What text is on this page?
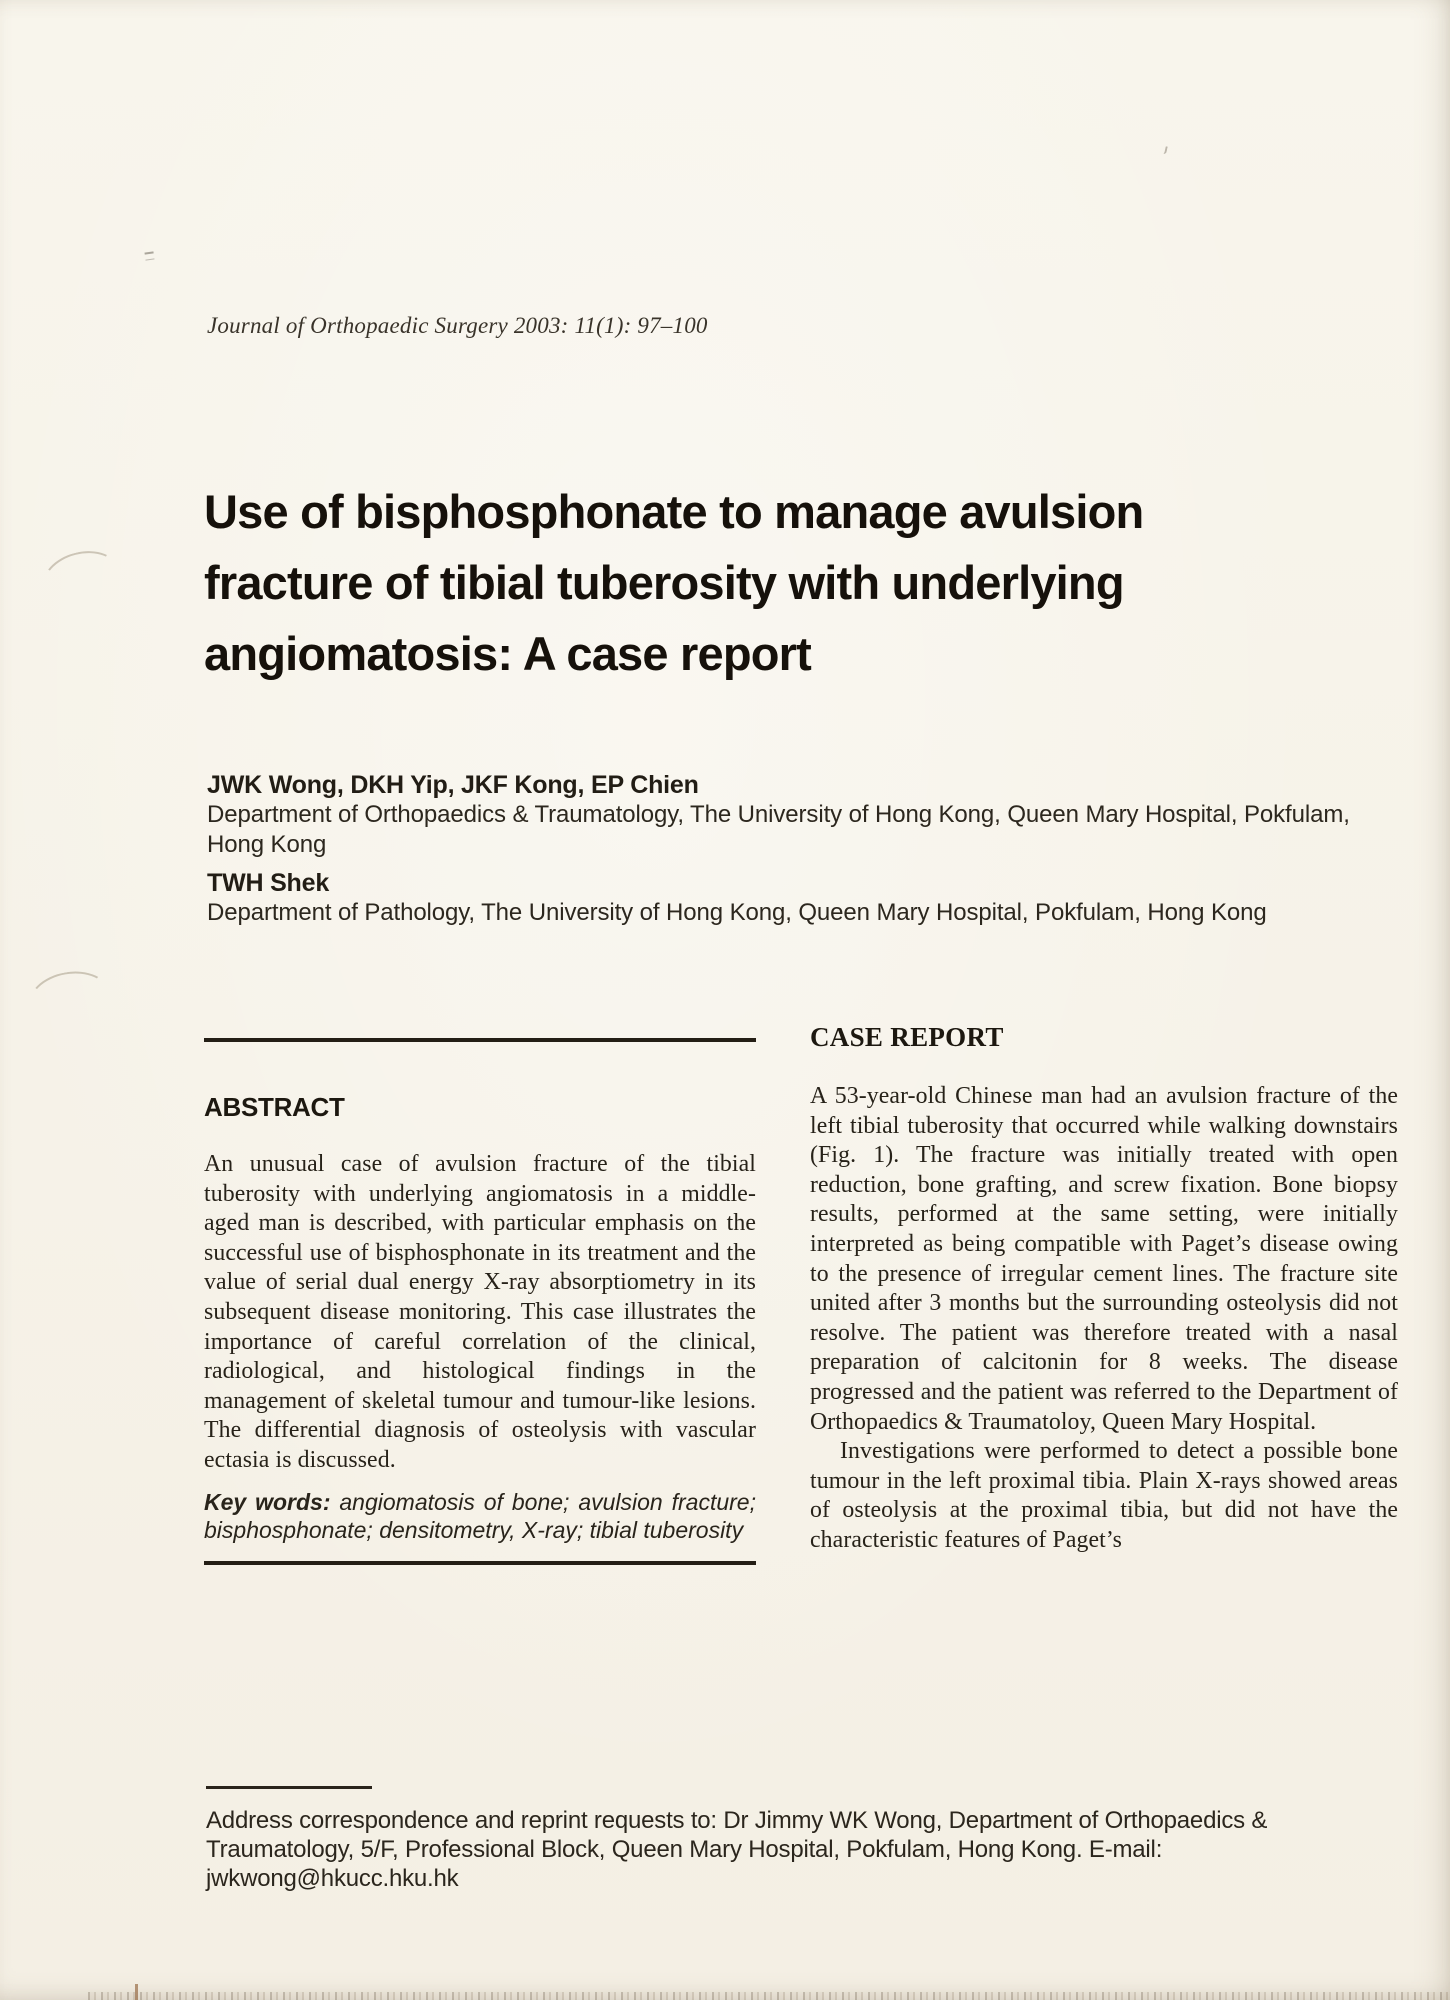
Journal of Orthopaedic Surgery 2003: 11(1): 97–100
Use of bisphosphonate to manage avulsion
fracture of tibial tuberosity with underlying
angiomatosis: A case report

JWK Wong, DKH Yip, JKF Kong, EP Chien

Department of Orthopaedics & Traumatology, The University of Hong Kong, Queen Mary Hospital, Pokfulam, Hong Kong

TWH Shek

Department of Pathology, The University of Hong Kong, Queen Mary Hospital, Pokfulam, Hong Kong

ABSTRACT

An unusual case of avulsion fracture of the tibial tuberosity with underlying angiomatosis in a middle-aged man is described, with particular emphasis on the successful use of bisphosphonate in its treatment and the value of serial dual energy X-ray absorptiometry in its subsequent disease monitoring. This case illustrates the importance of careful correlation of the clinical, radiological, and histological findings in the management of skeletal tumour and tumour-like lesions. The differential diagnosis of osteolysis with vascular ectasia is discussed.

Key words: angiomatosis of bone; avulsion fracture; bisphosphonate; densitometry, X-ray; tibial tuberosity

CASE REPORT

A 53-year-old Chinese man had an avulsion fracture of the left tibial tuberosity that occurred while walking downstairs (Fig. 1). The fracture was initially treated with open reduction, bone grafting, and screw fixation. Bone biopsy results, performed at the same setting, were initially interpreted as being compatible with Paget’s disease owing to the presence of irregular cement lines. The fracture site united after 3 months but the surrounding osteolysis did not resolve. The patient was therefore treated with a nasal preparation of calcitonin for 8 weeks. The disease progressed and the patient was referred to the Department of Orthopaedics & Traumatoloy, Queen Mary Hospital.

Investigations were performed to detect a possible bone tumour in the left proximal tibia. Plain X-rays showed areas of osteolysis at the proximal tibia, but did not have the characteristic features of Paget’s

Address correspondence and reprint requests to: Dr Jimmy WK Wong, Department of Orthopaedics & Traumatology, 5/F, Professional Block, Queen Mary Hospital, Pokfulam, Hong Kong. E-mail: jwkwong@hkucc.hku.hk
